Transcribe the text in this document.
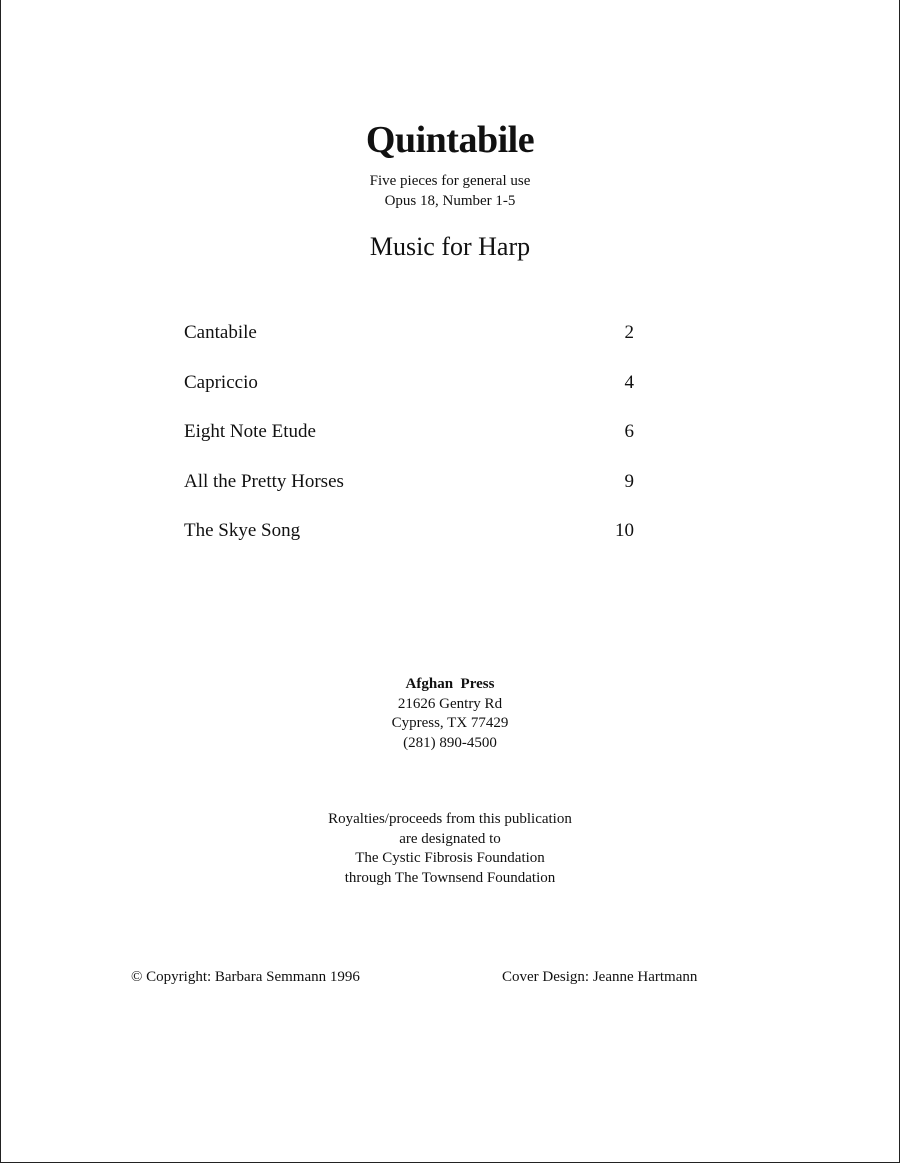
Quintabile
Five pieces for general use
Opus 18, Number 1-5
Music for Harp
Cantabile	2
Capriccio	4
Eight Note Etude	6
All the Pretty Horses	9
The Skye Song	10
Afghan  Press
21626 Gentry Rd
Cypress, TX 77429
(281) 890-4500
Royalties/proceeds from this publication
are designated to
The Cystic Fibrosis Foundation
through The Townsend Foundation
© Copyright: Barbara Semmann 1996	Cover Design: Jeanne Hartmann
